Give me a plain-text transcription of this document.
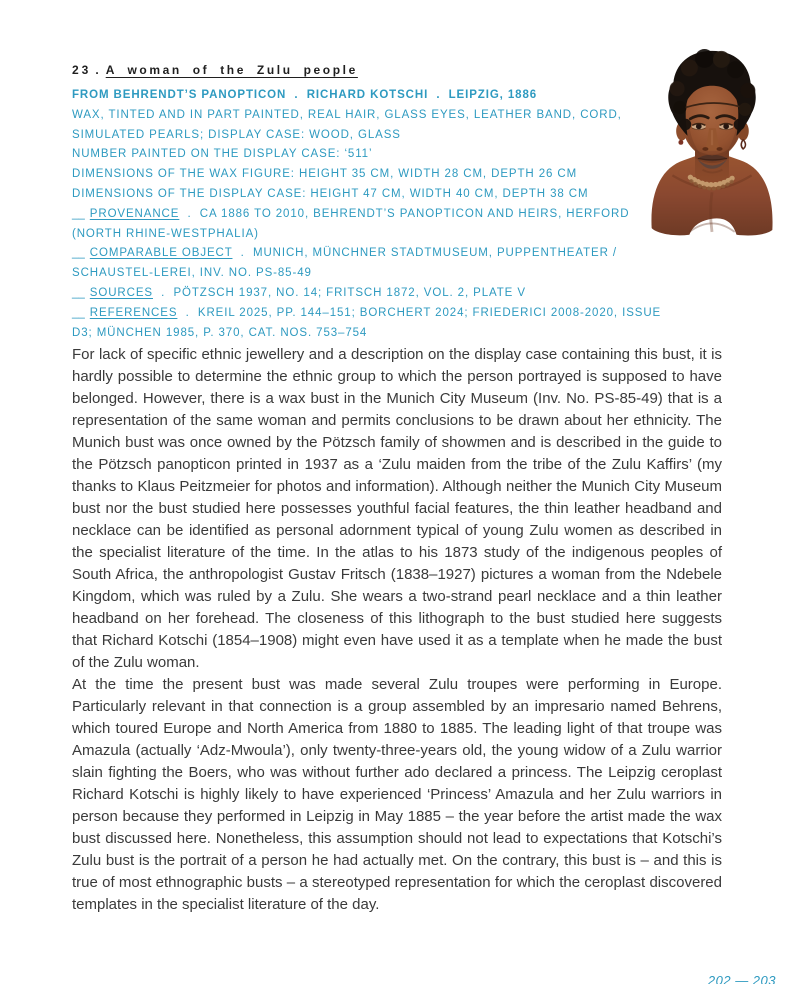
23 . A woman of the Zulu people
FROM BEHRENDT’S PANOPTICON  .  RICHARD KOTSCHI  .  LEIPZIG, 1886
WAX, TINTED AND IN PART PAINTED, REAL HAIR, GLASS EYES, LEATHER BAND, CORD, SIMULATED PEARLS; DISPLAY CASE: WOOD, GLASS
NUMBER PAINTED ON THE DISPLAY CASE: ‘511’
DIMENSIONS OF THE WAX FIGURE: HEIGHT 35 CM, WIDTH 28 CM, DEPTH 26 CM
DIMENSIONS OF THE DISPLAY CASE: HEIGHT 47 CM, WIDTH 40 CM, DEPTH 38 CM
__ PROVENANCE  .  CA 1886 TO 2010, BEHRENDT’S PANOPTICON AND HEIRS, HERFORD (NORTH RHINE-WESTPHALIA)
__ COMPARABLE OBJECT  .  MUNICH, MÜNCHNER STADTMUSEUM, PUPPENTHEATER / SCHAUSTEL-LEREI, INV. NO. PS-85-49
__ SOURCES  .  PÖTZSCH 1937, NO. 14; FRITSCH 1872, VOL. 2, PLATE V
__ REFERENCES  .  KREIL 2025, PP. 144–151; BORCHERT 2024; FRIEDERICI 2008-2020, ISSUE D3; MÜNCHEN 1985, P. 370, CAT. NOS. 753–754

For lack of specific ethnic jewellery and a description on the display case containing this bust, it is hardly possible to determine the ethnic group to which the person portrayed is supposed to have belonged. However, there is a wax bust in the Munich City Museum (Inv. No. PS-85-49) that is a representation of the same woman and permits conclusions to be drawn about her ethnicity. The Munich bust was once owned by the Pötzsch family of showmen and is described in the guide to the Pötzsch panopticon printed in 1937 as a ‘Zulu maiden from the tribe of the Zulu Kaffirs’ (my thanks to Klaus Peitzmeier for photos and information). Although neither the Munich City Museum bust nor the bust studied here possesses youthful facial features, the thin leather headband and necklace can be identified as personal adornment typical of young Zulu women as described in the specialist literature of the time. In the atlas to his 1873 study of the indigenous peoples of South Africa, the anthropologist Gustav Fritsch (1838–1927) pictures a woman from the Ndebele Kingdom, which was ruled by a Zulu. She wears a two-strand pearl necklace and a thin leather headband on her forehead. The closeness of this lithograph to the bust studied here suggests that Richard Kotschi (1854–1908) might even have used it as a template when he made the bust of the Zulu woman.

At the time the present bust was made several Zulu troupes were performing in Europe. Particularly relevant in that connection is a group assembled by an impresario named Behrens, which toured Europe and North America from 1880 to 1885. The leading light of that troupe was Amazula (actually ‘Adz-Mwoula’), only twenty-three-years old, the young widow of a Zulu warrior slain fighting the Boers, who was without further ado declared a princess. The Leipzig ceroplast Richard Kotschi is highly likely to have experienced ‘Princess’ Amazula and her Zulu warriors in person because they performed in Leipzig in May 1885 – the year before the artist made the wax bust discussed here. Nonetheless, this assumption should not lead to expectations that Kotschi’s Zulu bust is the portrait of a person he had actually met. On the contrary, this bust is – and this is true of most ethnographic busts – a stereotyped representation for which the ceroplast discovered templates in the specialist literature of the day.

202 — 203
